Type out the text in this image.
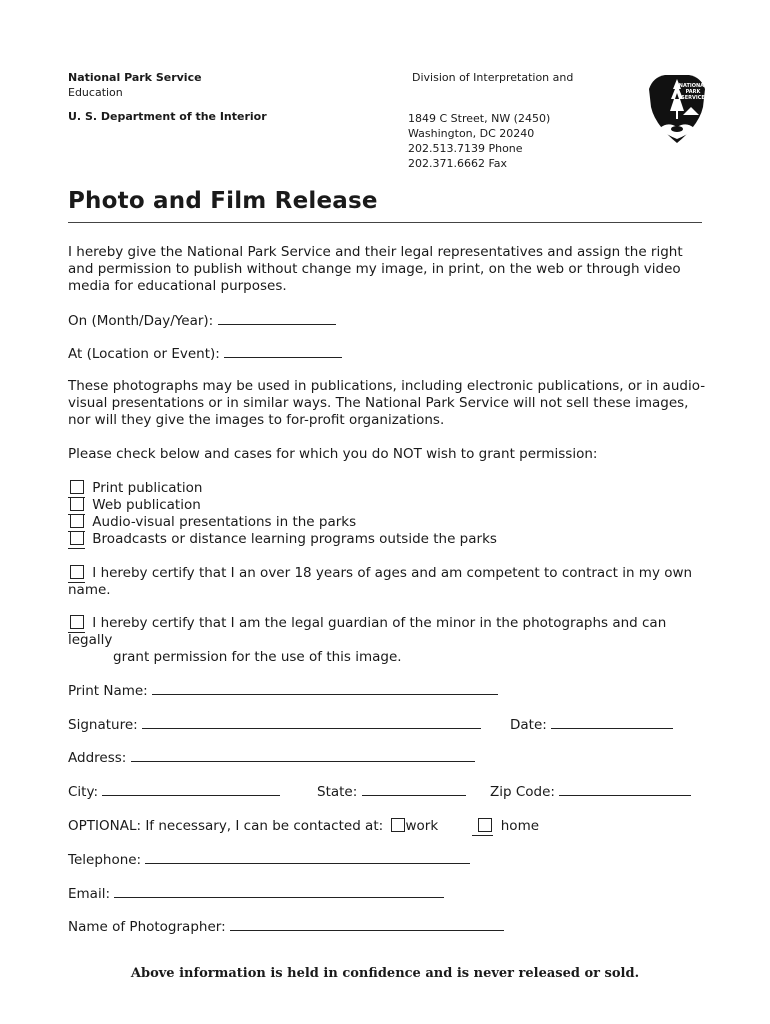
National Park Service
Education
U. S. Department of the Interior
Division of Interpretation and
1849 C Street, NW (2450)
Washington, DC 20240
202.513.7139 Phone
202.371.6662 Fax
NATIONAL
PARK
SERVICE
Photo and Film Release
I hereby give the National Park Service and their legal representatives and assign the right and permission to publish without change my image, in print, on the web or through video media for educational purposes.
On (Month/Day/Year):
At (Location or Event):
These photographs may be used in publications, including electronic publications, or in audio-visual presentations or in similar ways. The National Park Service will not sell these images, nor will they give the images to for-profit organizations.
Please check below and cases for which you do NOT wish to grant permission:
Print publication
Web publication
Audio-visual presentations in the parks
Broadcasts or distance learning programs outside the parks
I hereby certify that I an over 18 years of ages and am competent to contract in my own
name.
I hereby certify that I am the legal guardian of the minor in the photographs and can
legally
grant permission for the use of this image.
Print Name:
Signature:	Date:
Address:
City:	State:	Zip Code:
OPTIONAL: If necessary, I can be contacted at: work	home
Telephone:
Email:
Name of Photographer:
Above information is held in confidence and is never released or sold.
